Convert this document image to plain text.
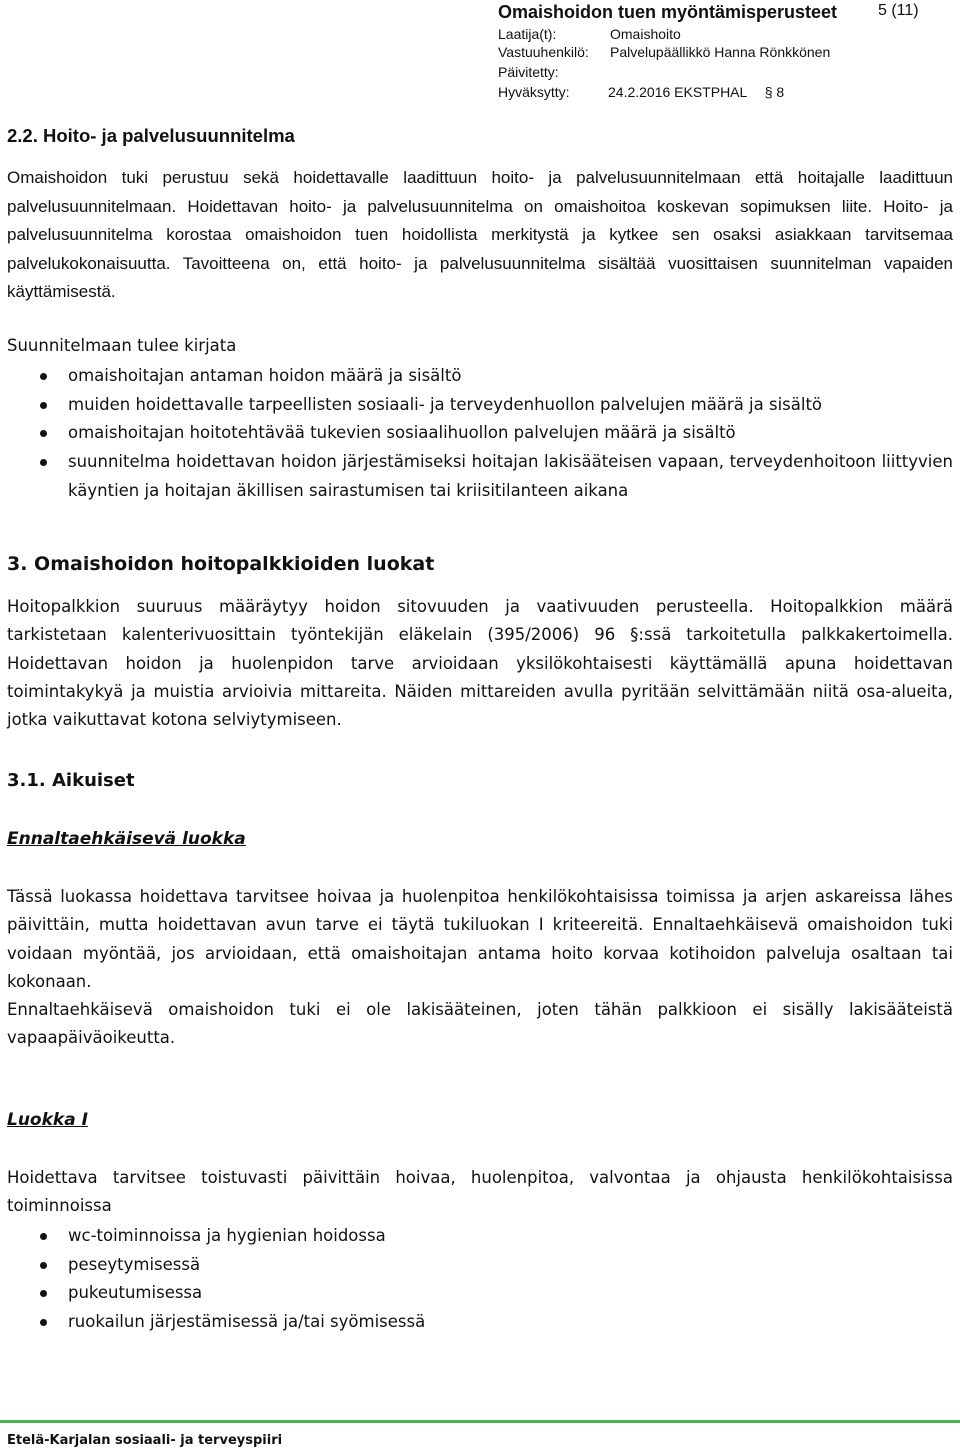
Omaishoidon tuen myöntämisperusteet	5 (11)
Laatija(t):	Omaishoito
Vastuuhenkilö: Palvelupäällikkö Hanna Rönkkönen
Päivitetty:
Hyväksytty:	24.2.2016 EKSTPHAL § 8
2.2. Hoito- ja palvelusuunnitelma
Omaishoidon tuki perustuu sekä hoidettavalle laadittuun hoito- ja palvelusuunnitelmaan että hoitajalle laadittuun palvelusuunnitelmaan. Hoidettavan hoito- ja palvelusuunnitelma on omaishoitoa koskevan sopimuksen liite. Hoito- ja palvelusuunnitelma korostaa omaishoidon tuen hoidollista merkitystä ja kytkee sen osaksi asiakkaan tarvitsemaa palvelukokonaisuutta. Tavoitteena on, että hoito- ja palvelusuunnitelma sisältää vuosittaisen suunnitelman vapaiden käyttämisestä.
Suunnitelmaan tulee kirjata
omaishoitajan antaman hoidon määrä ja sisältö
muiden hoidettavalle tarpeellisten sosiaali- ja terveydenhuollon palvelujen määrä ja sisältö
omaishoitajan hoitotehtävää tukevien sosiaalihuollon palvelujen määrä ja sisältö
suunnitelma hoidettavan hoidon järjestämiseksi hoitajan lakisääteisen vapaan, terveydenhoitoon liittyvien käyntien ja hoitajan äkillisen sairastumisen tai kriisitilanteen aikana
3. Omaishoidon hoitopalkkioiden luokat
Hoitopalkkion suuruus määräytyy hoidon sitovuuden ja vaativuuden perusteella. Hoitopalkkion määrä tarkistetaan kalenterivuosittain työntekijän eläkelain (395/2006) 96 §:ssä tarkoitetulla palkkakertoimella. Hoidettavan hoidon ja huolenpidon tarve arvioidaan yksilökohtaisesti käyttämällä apuna hoidettavan toimintakykyä ja muistia arvioivia mittareita. Näiden mittareiden avulla pyritään selvittämään niitä osa-alueita, jotka vaikuttavat kotona selviytymiseen.
3.1. Aikuiset
Ennaltaehkäisevä luokka
Tässä luokassa hoidettava tarvitsee hoivaa ja huolenpitoa henkilökohtaisissa toimissa ja arjen askareissa lähes päivittäin, mutta hoidettavan avun tarve ei täytä tukiluokan I kriteereitä. Ennaltaehkäisevä omaishoidon tuki voidaan myöntää, jos arvioidaan, että omaishoitajan antama hoito korvaa kotihoidon palveluja osaltaan tai kokonaan.
Ennaltaehkäisevä omaishoidon tuki ei ole lakisääteinen, joten tähän palkkioon ei sisälly lakisääteistä vapaapäiväoikeutta.
Luokka I
Hoidettava tarvitsee toistuvasti päivittäin hoivaa, huolenpitoa, valvontaa ja ohjausta henkilökohtaisissa toiminnoissa
wc-toiminnoissa ja hygienian hoidossa
peseytymisessä
pukeutumisessa
ruokailun järjestämisessä ja/tai syömisessä
Etelä-Karjalan sosiaali- ja terveyspiiri
